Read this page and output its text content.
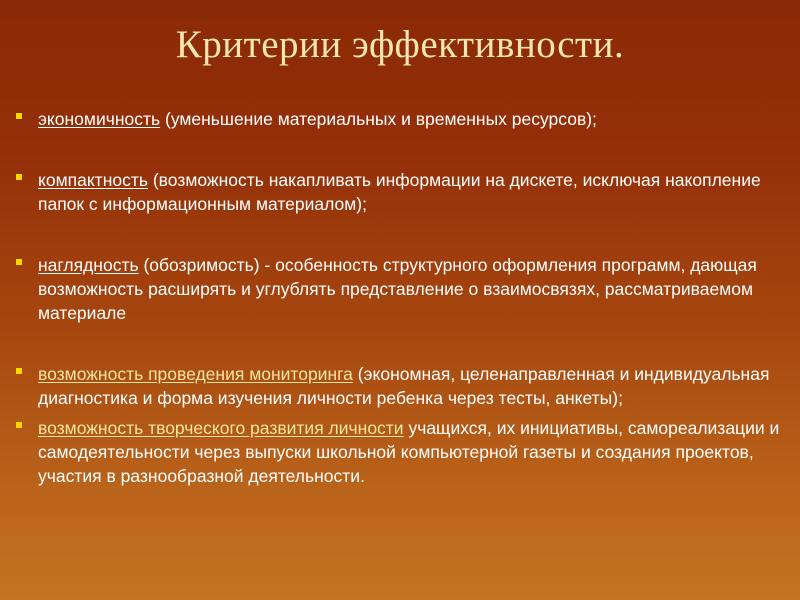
Критерии эффективности.
экономичность (уменьшение материальных и временных ресурсов);
компактность (возможность накапливать информации на дискете, исключая накопление папок с информационным материалом);
наглядность (обозримость) - особенность структурного оформления программ, дающая возможность расширять и углублять представление о взаимосвязях, рассматриваемом материале
возможность проведения мониторинга (экономная, целенаправленная и индивидуальная диагностика и форма изучения личности ребенка через тесты, анкеты);
возможность творческого развития личности учащихся, их инициативы, самореализации и самодеятельности через выпуски школьной компьютерной газеты и создания проектов, участия в разнообразной деятельности.
